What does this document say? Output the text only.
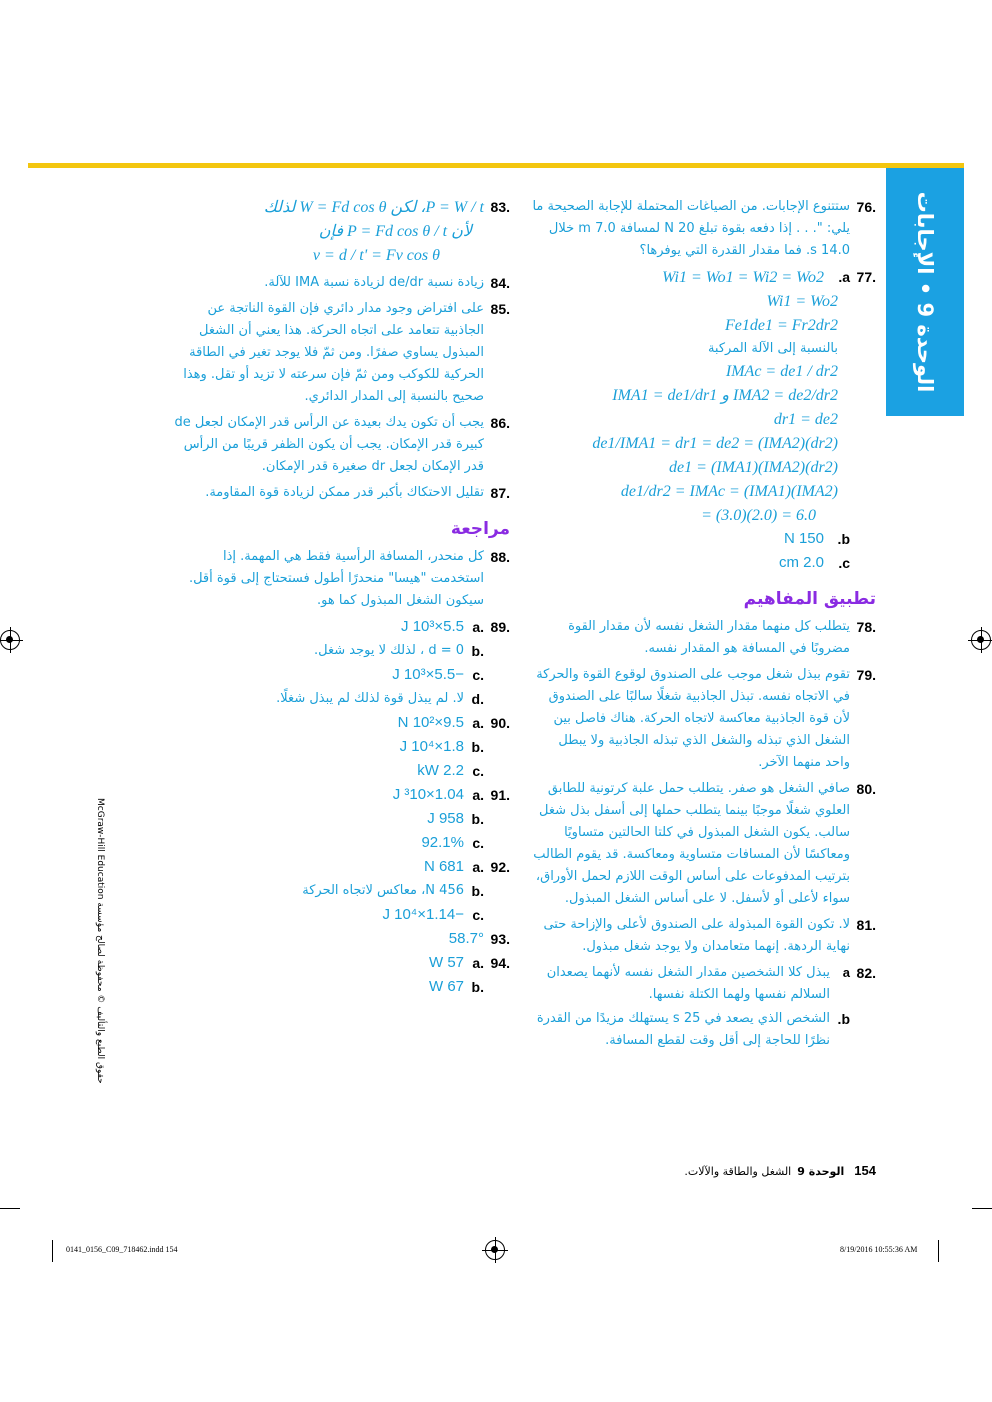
الوحدة 9 • الإجابات
.76
ستتنوع الإجابات. من الصياغات المحتملة للإجابة الصحيحة ما يلي: ". . . إذا دفعه بقوة تبلغ 20 N لمسافة 7.0 m خلال 14.0 s. فما مقدار القدرة التي يوفرها؟
.77
a.
Wi1 = Wo1 = Wi2 = Wo2
Wi1 = Wo2
Fe1de1 = Fr2dr2
بالنسبة إلى الآلة المركبة
IMAc = de1 / dr2
IMA1 = de1/dr1 و IMA2 = de2/dr2
dr1 = de2
de1/IMA1 = dr1 = de2 = (IMA2)(dr2)
de1 = (IMA1)(IMA2)(dr2)
de1/dr2 = IMAc = (IMA1)(IMA2)
= (3.0)(2.0) = 6.0
b.
150 N
c.
2.0 cm
تطبيق المفاهيم
.78
يتطلب كل منهما مقدار الشغل نفسه لأن مقدار القوة مضروبًا في المسافة هو المقدار نفسه.
.79
تقوم ببذل شغل موجب على الصندوق لوقوع القوة والحركة في الاتجاه نفسه. تبذل الجاذبية شغلًا سالبًا على الصندوق لأن قوة الجاذبية معاكسة لاتجاه الحركة. هناك فاصل بين الشغل الذي تبذله والشغل الذي تبذله الجاذبية ولا يبطل واحد منهما الآخر.
.80
صافي الشغل هو صفر. يتطلب حمل علبة كرتونية للطابق العلوي شغلًا موجبًا بينما يتطلب حملها إلى أسفل بذل شغل سالب. يكون الشغل المبذول في كلتا الحالتين متساويًا ومعاكسًا لأن المسافات متساوية ومعاكسة. قد يقوم الطالب بترتيب المدفوعات على أساس الوقت اللازم لحمل الأوراق، سواء لأعلى أو لأسفل. لا على أساس الشغل المبذول.
.81
لا. تكون القوة المبذولة على الصندوق لأعلى والإزاحة حتى نهاية الردهة. إنهما متعامدان ولا يوجد شغل مبذول.
.82
a
يبذل كلا الشخصين مقدار الشغل نفسه لأنهما يصعدان السلالم نفسها ولهما الكتلة نفسها.
b.
الشخص الذي يصعد في 25 s يستهلك مزيدًا من القدرة نظرًا للحاجة إلى أقل وقت لقطع المسافة.
.83
لذلك W = Fd cos θ لكن ،P = W / t
فإن P = Fd cos θ / t لأن
v = d / t' = Fv cos θ
.84
زيادة نسبة de/dr لزيادة نسبة IMA للآلة.
.85
على افتراض وجود مدار دائري فإن القوة الناتجة عن الجاذبية تتعامد على اتجاه الحركة. هذا يعني أن الشغل المبذول يساوي صفرًا. ومن ثمّ فلا يوجد تغير في الطاقة الحركية للكوكب ومن ثمّ فإن سرعته لا تزيد أو تقل. وهذا صحيح بالنسبة إلى المدار الدائري.
.86
يجب أن تكون يدك بعيدة عن الرأس قدر الإمكان لجعل de كبيرة قدر الإمكان. يجب أن يكون الظفر قريبًا من الرأس قدر الإمكان لجعل dr صغيرة قدر الإمكان.
.87
تقليل الاحتكاك بأكبر قدر ممكن لزيادة قوة المقاومة.
مراجعة
.88
كل منحدر، المسافة الرأسية فقط هي المهمة. إذا استخدمت "هيسا" منحدرًا أطول فستحتاج إلى قوة أقل. سيكون الشغل المبذول كما هو.
.89
.a
5.5×10³ J
.b
d = 0 ، لذلك لا يوجد شغل.
.c
−5.5×10³ J
.d
لا. لم يبذل قوة لذلك لم يبذل شغلًا.
.90
.a
9.5×10² N
.b
1.8×10⁴ J
.c
2.2 kW
.91
.a
J ³10×1.04
.b
J 958
.c
92.1%
.92
.a
681 N
.b
456 N، معاكس لاتجاه الحركة
.c
−1.14×10⁴ J
.93
58.7°
.94
.a
57 W
.b
67 W
حقوق الطبع والتأليف © محفوظة لصالح مؤسسة McGraw-Hill Education
154
الوحدة 9
الشغل والطاقة والآلات.
0141_0156_C09_718462.indd 154	8/19/2016 10:55:36 AM
